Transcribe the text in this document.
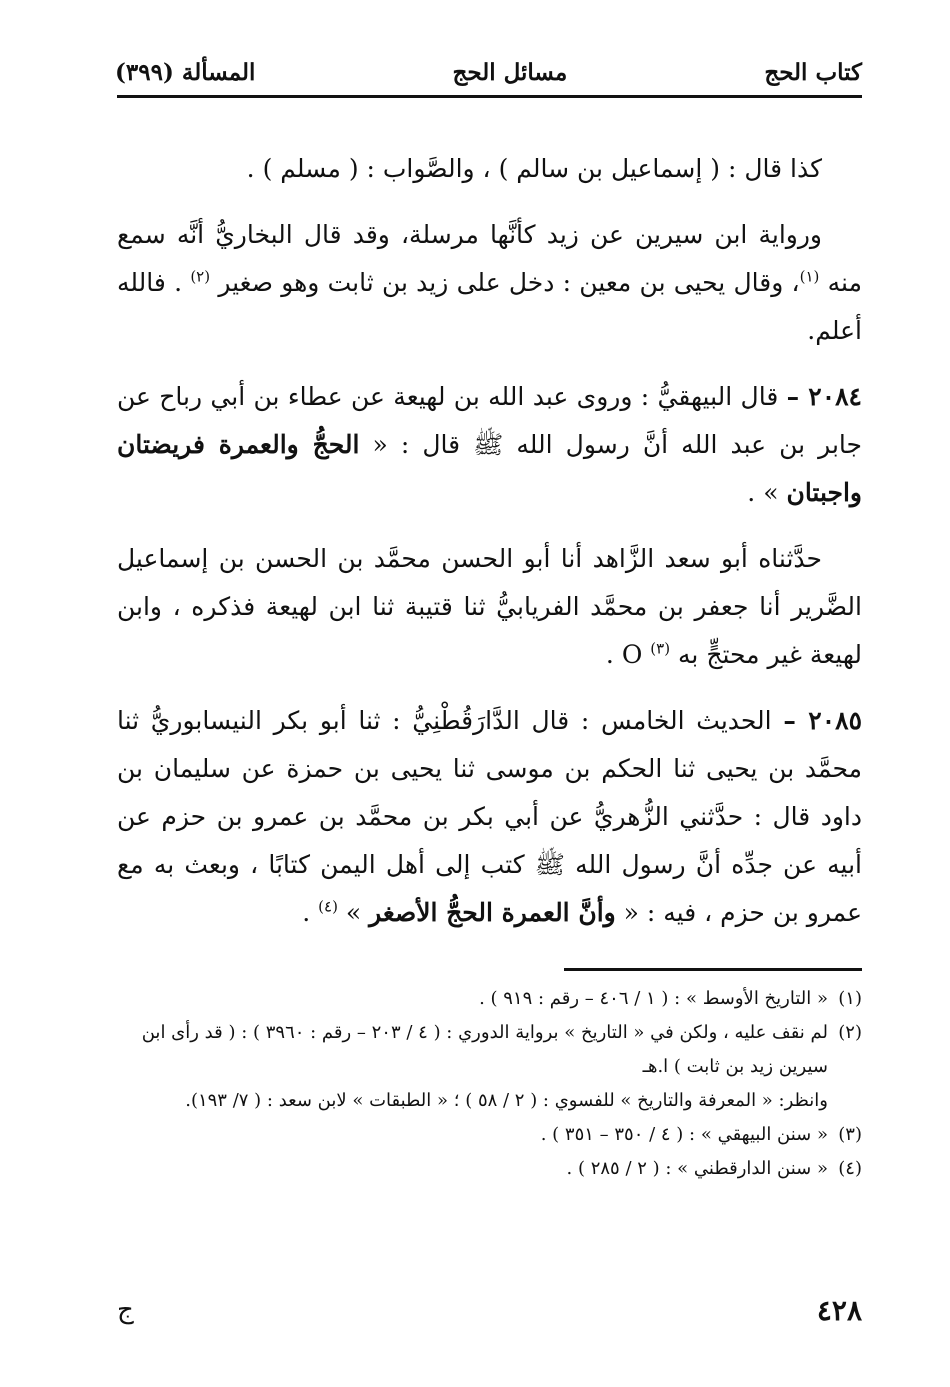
كتاب الحج
مسائل الحج
المسألة (٣٩٩)

كذا قال : ( إسماعيل بن سالم ) ، والصَّواب : ( مسلم ) .

ورواية ابن سيرين عن زيد كأنَّها مرسلة، وقد قال البخاريُّ أنَّه سمع منه $^{(١)}$، وقال يحيى بن معين : دخل على زيد بن ثابت وهو صغير $^{(٢)}$ . فالله أعلم.

٢٠٨٤ – قال البيهقيُّ : وروى عبد الله بن لهيعة عن عطاء بن أبي رباح عن جابر بن عبد الله أنَّ رسول الله ﷺ قال : « الحجُّ والعمرة فريضتان واجبتان » .

حدَّثناه أبو سعد الزَّاهد أنا أبو الحسن محمَّد بن الحسن بن إسماعيل الضَّرير أنا جعفر بن محمَّد الفريابيُّ ثنا قتيبة ثنا ابن لهيعة فذكره ، وابن لهيعة غير محتجٍّ به $^{(٣)}$ O .

٢٠٨٥ – الحديث الخامس : قال الدَّارَقُطْنِيُّ : ثنا أبو بكر النيسابوريُّ ثنا محمَّد بن يحيى ثنا الحكم بن موسى ثنا يحيى بن حمزة عن سليمان بن داود قال : حدَّثني الزُّهريُّ عن أبي بكر بن محمَّد بن عمرو بن حزم عن أبيه عن جدِّه أنَّ رسول الله ﷺ كتب إلى أهل اليمن كتابًا ، وبعث به مع عمرو بن حزم ، فيه : « وأنَّ العمرة الحجُّ الأصغر » $^{(٤)}$ .

(١)
« التاريخ الأوسط » : ( ١ / ٤٠٦ – رقم : ٩١٩ ) .
(٢)
لم نقف عليه ، ولكن في « التاريخ » برواية الدوري : ( ٤ / ٢٠٣ – رقم : ٣٩٦٠ ) : ( قد رأى ابن سيرين زيد بن ثابت ) ا.هـ
وانظر: « المعرفة والتاريخ » للفسوي : ( ٢ / ٥٨ ) ؛ « الطبقات » لابن سعد : ( ٧/ ١٩٣).
(٣)
« سنن البيهقي » : ( ٤ / ٣٥٠ – ٣٥١ ) .
(٤)
« سنن الدارقطني » : ( ٢ / ٢٨٥ ) .
٤٢٨
ج
